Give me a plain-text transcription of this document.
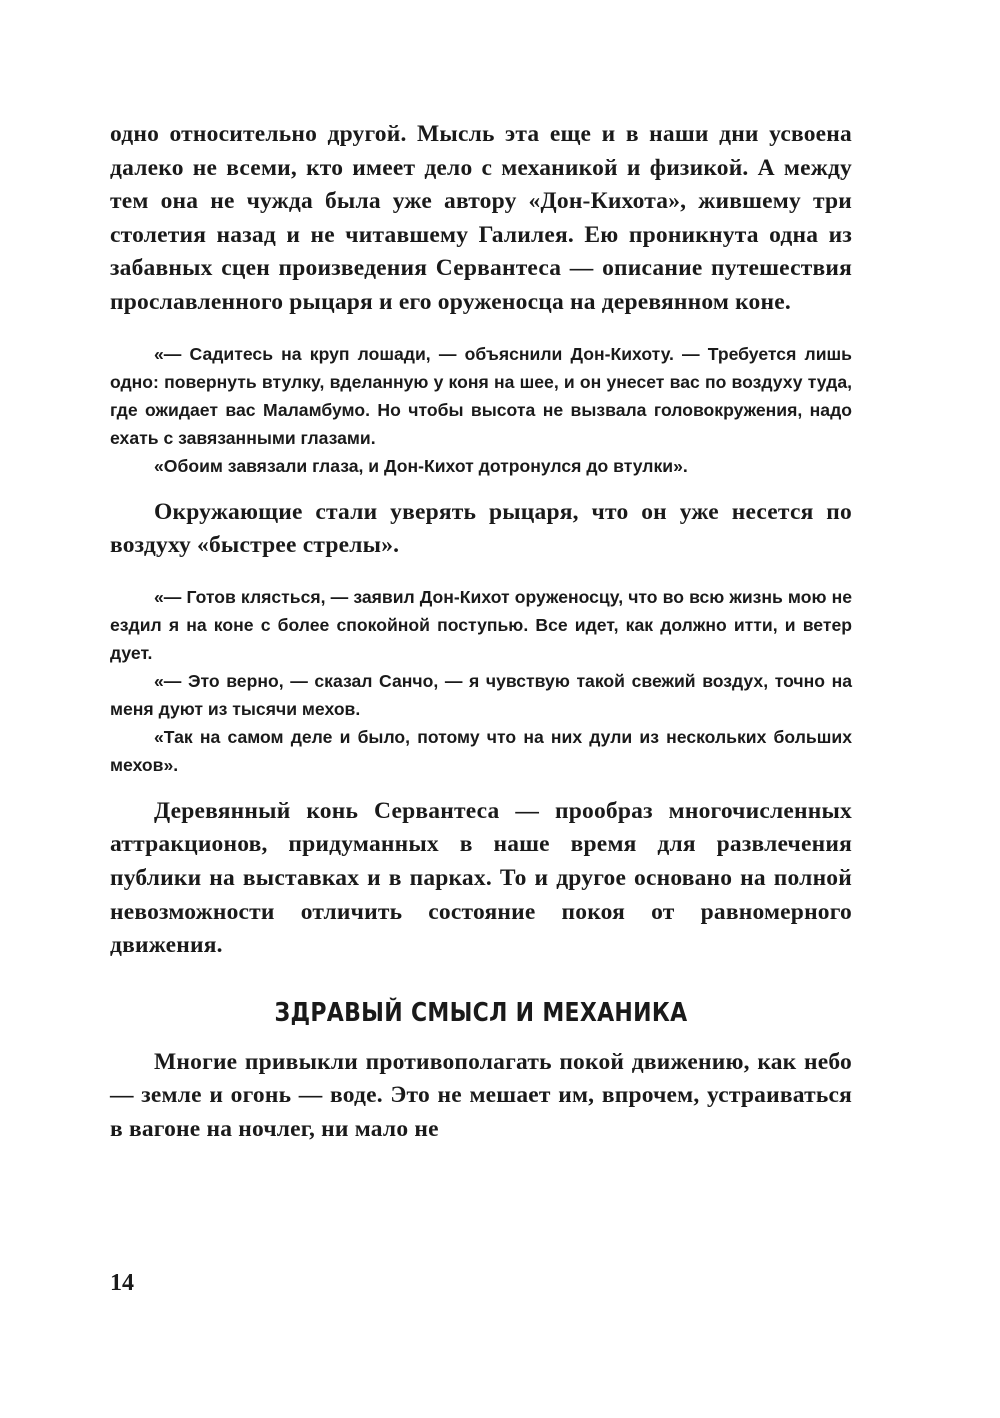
одно относительно другой. Мысль эта еще и в наши дни усвоена далеко не всеми, кто имеет дело с механикой и физикой. А между тем она не чужда была уже автору «Дон-Кихота», жившему три столетия назад и не читавшему Галилея. Ею проникнута одна из забавных сцен произведения Сервантеса — описание путешествия прославленного рыцаря и его оруженосца на деревянном коне.

«— Садитесь на круп лошади, — объяснили Дон-Кихоту. — Требуется лишь одно: повернуть втулку, вделанную у коня на шее, и он унесет вас по воздуху туда, где ожидает вас Маламбумо. Но чтобы высота не вызвала головокружения, надо ехать с завязанными глазами.

«Обоим завязали глаза, и Дон-Кихот дотронулся до втулки».

Окружающие стали уверять рыцаря, что он уже несется по воздуху «быстрее стрелы».

«— Готов клясться, — заявил Дон-Кихот оруженосцу, что во всю жизнь мою не ездил я на коне с более спокойной поступью. Все идет, как должно итти, и ветер дует.

«— Это верно, — сказал Санчо, — я чувствую такой свежий воздух, точно на меня дуют из тысячи мехов.

«Так на самом деле и было, потому что на них дули из нескольких больших мехов».

Деревянный конь Сервантеса — прообраз многочисленных аттракционов, придуманных в наше время для развлечения публики на выставках и в парках. То и другое основано на полной невозможности отличить состояние покоя от равномерного движения.

ЗДРАВЫЙ СМЫСЛ И МЕХАНИКА

Многие привыкли противополагать покой движению, как небо — земле и огонь — воде. Это не мешает им, впрочем, устраиваться в вагоне на ночлег, ни мало не

14
